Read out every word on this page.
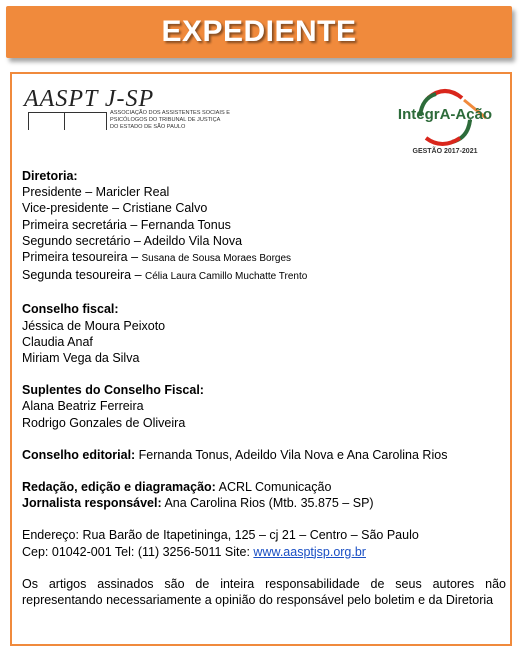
EXPEDIENTE
AASPT J-SP
ASSOCIAÇÃO DOS ASSISTENTES SOCIAIS E
PSICÓLOGOS DO TRIBUNAL DE JUSTIÇA
DO ESTADO DE SÃO PAULO
IntegrA-Ação
GESTÃO 2017-2021

Diretoria:

Presidente – Maricler Real

Vice-presidente – Cristiane Calvo

Primeira secretária – Fernanda Tonus

Segundo secretário – Adeildo Vila Nova

Primeira tesoureira – Susana de Sousa Moraes Borges

Segunda tesoureira – Célia Laura Camillo Muchatte Trento

Conselho fiscal:

Jéssica de Moura Peixoto

Claudia Anaf

Miriam Vega da Silva

Suplentes do Conselho Fiscal:

Alana Beatriz Ferreira

Rodrigo Gonzales de Oliveira

Conselho editorial: Fernanda Tonus, Adeildo Vila Nova e Ana Carolina Rios

Redação, edição e diagramação: ACRL Comunicação

Jornalista responsável: Ana Carolina Rios (Mtb. 35.875 – SP)

Endereço: Rua Barão de Itapetininga, 125 – cj 21 – Centro – São Paulo

Cep: 01042-001 Tel: (11) 3256-5011 Site: www.aasptjsp.org.br

Os artigos assinados são de inteira responsabilidade de seus autores não representando necessariamente a opinião do responsável pelo boletim e da Diretoria
